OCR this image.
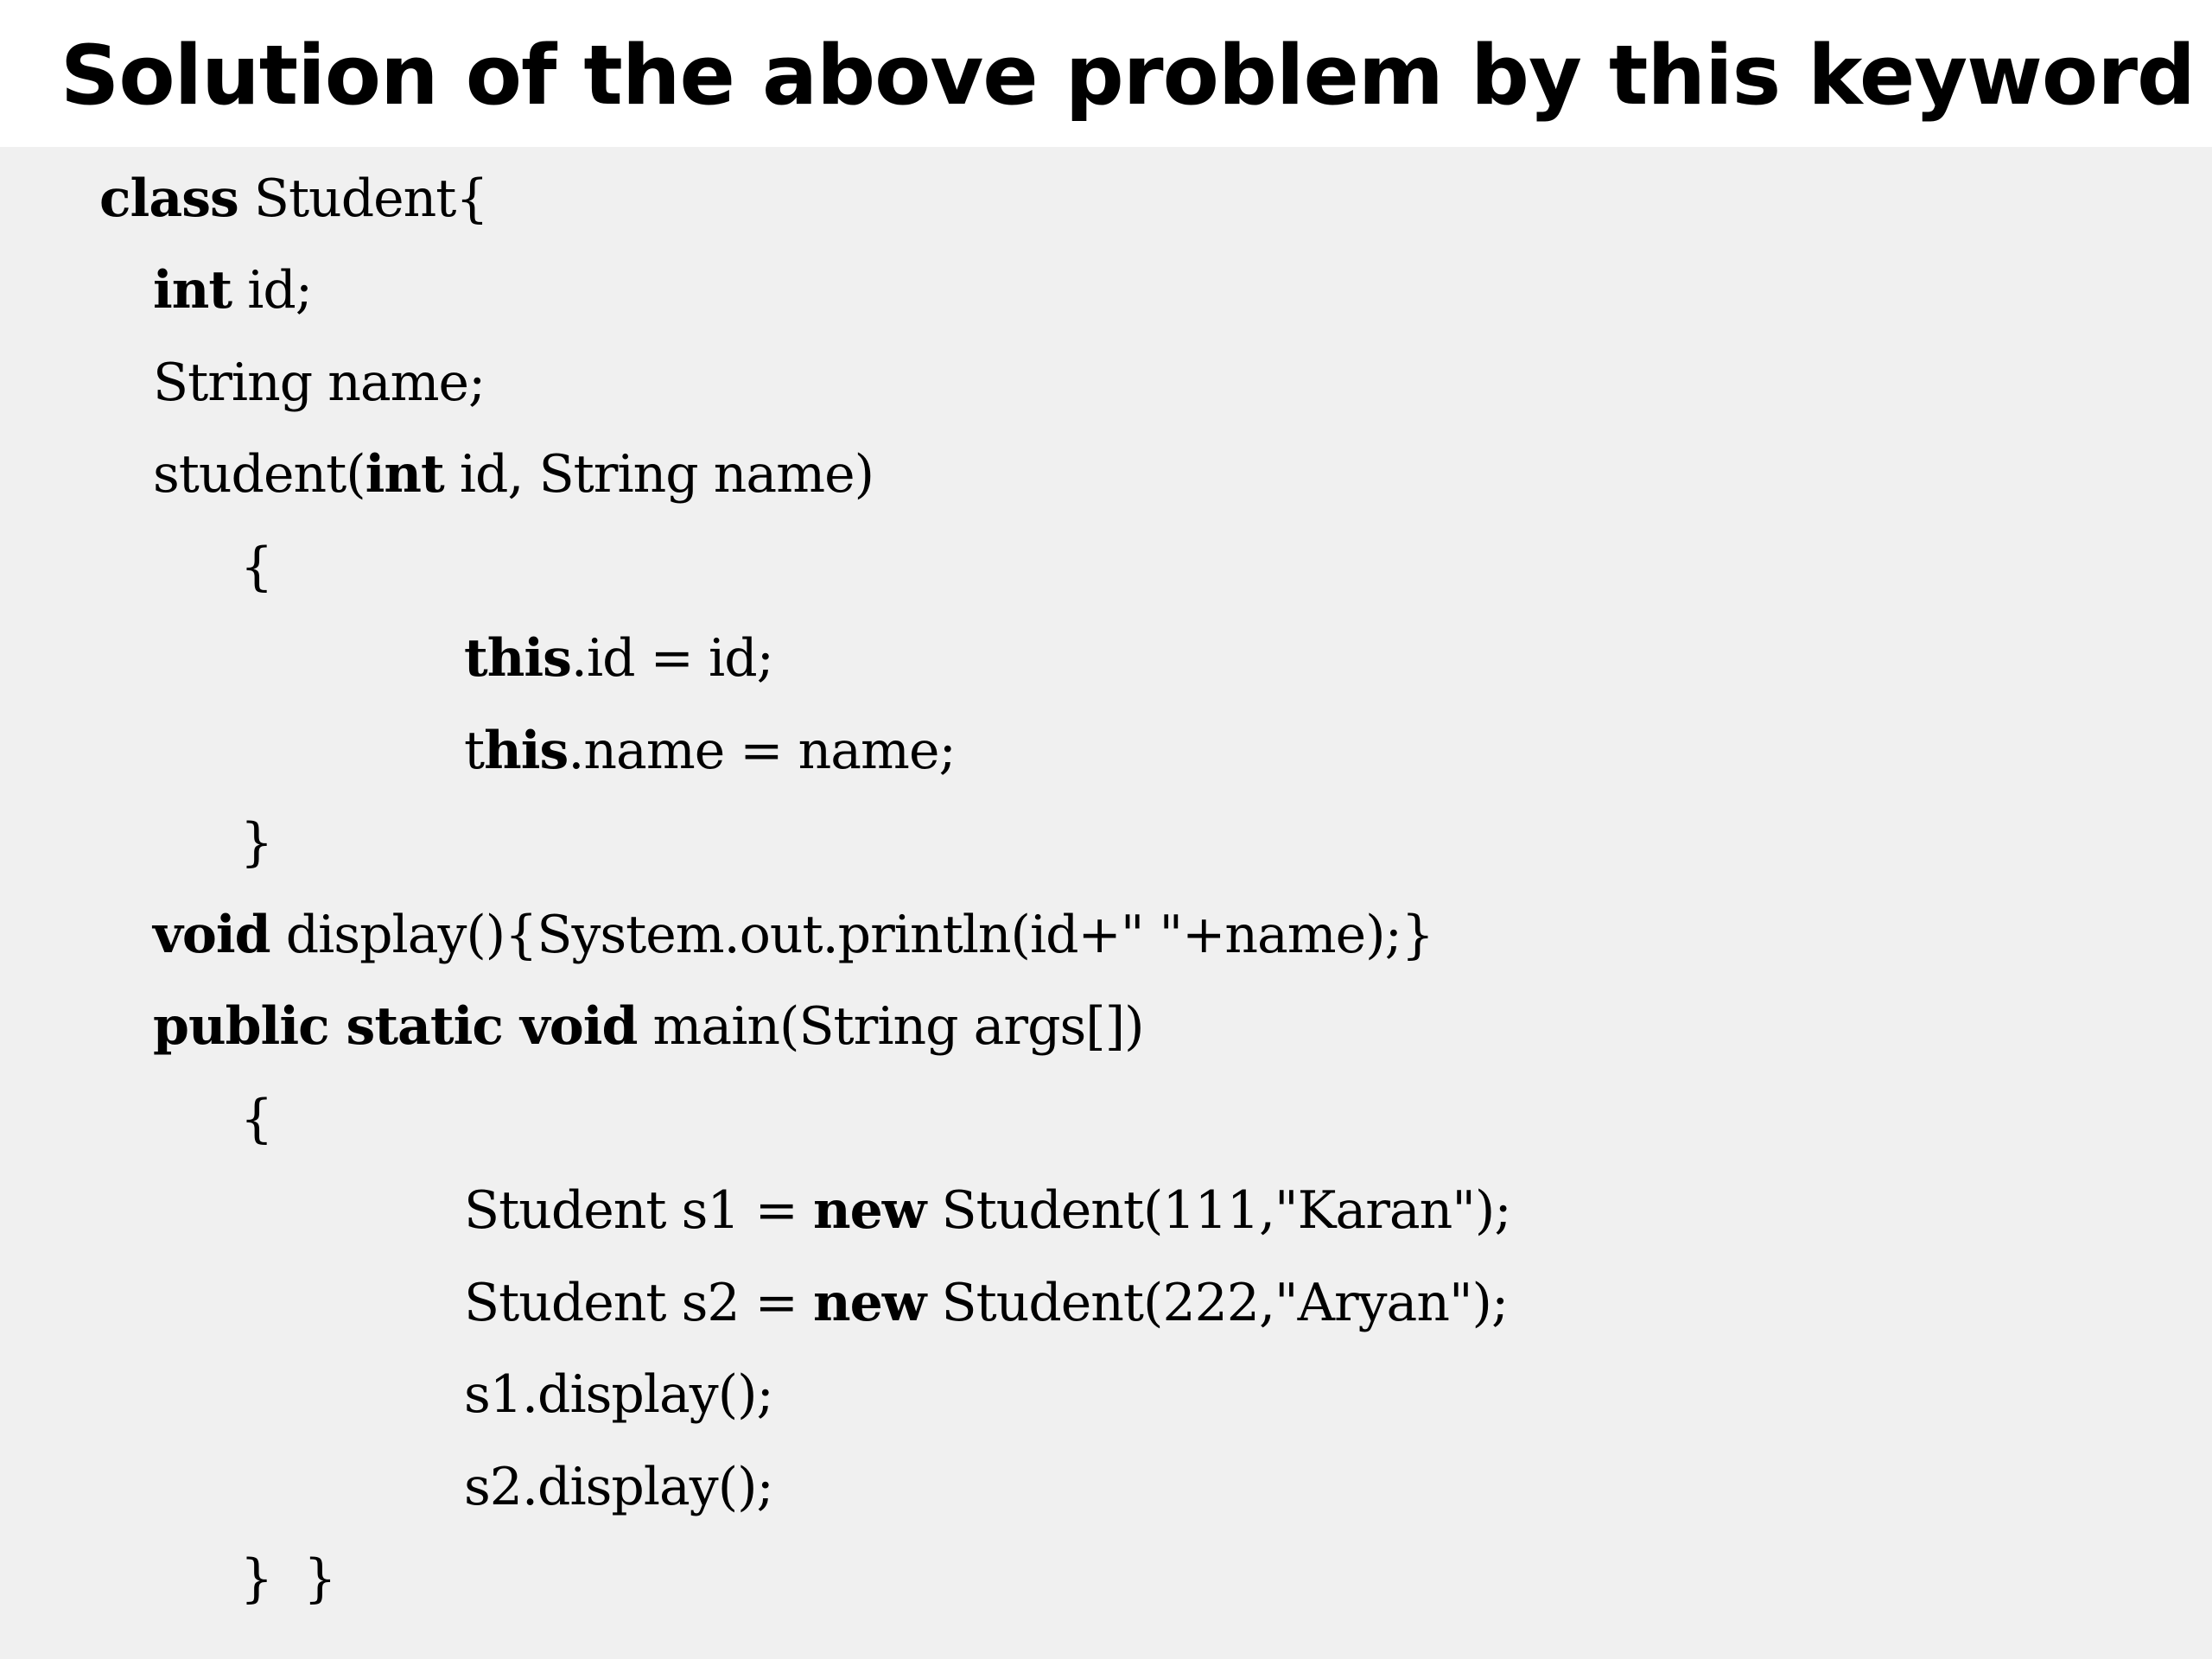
Solution of the above problem by this keyword
class Student{
int id;
String name;
student(int id, String name)
{
this.id = id;
this.name = name;
}
void display(){System.out.println(id+" "+name);}
public static void main(String args[])
{
Student s1 = new Student(111,"Karan");
Student s2 = new Student(222,"Aryan");
s1.display();
s2.display();
}  }
